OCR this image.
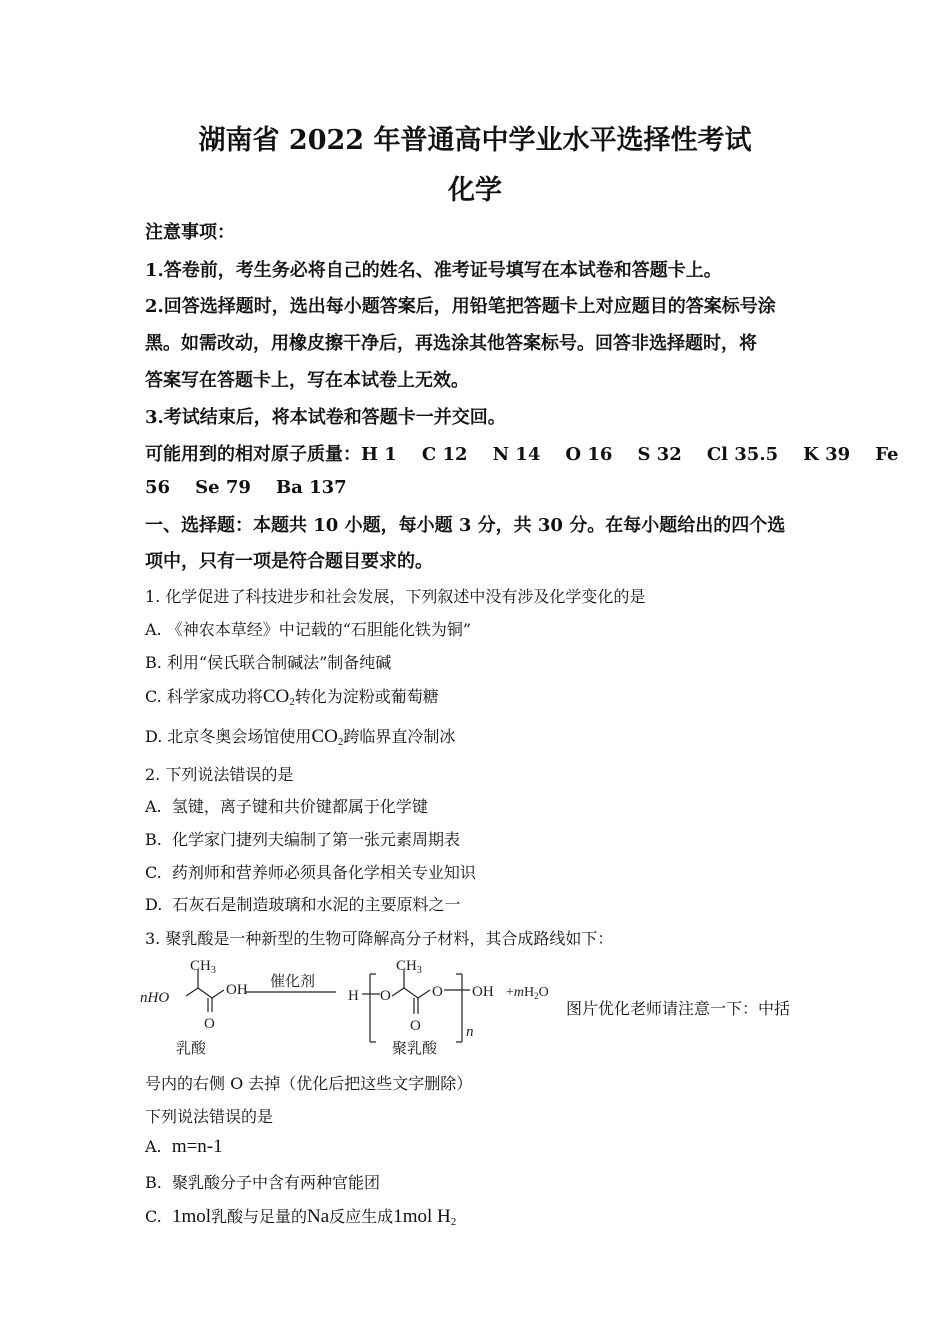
湖南省 2022 年普通高中学业水平选择性考试
化学
注意事项：
1.答卷前，考生务必将自己的姓名、准考证号填写在本试卷和答题卡上。
2.回答选择题时，选出每小题答案后，用铅笔把答题卡上对应题目的答案标号涂
黑。如需改动，用橡皮擦干净后，再选涂其他答案标号。回答非选择题时，将
答案写在答题卡上，写在本试卷上无效。
3.考试结束后，将本试卷和答题卡一并交回。
可能用到的相对原子质量：H 1    C 12    N 14    O 16    S 32    Cl 35.5    K 39    Fe
56    Se 79    Ba 137
一、选择题：本题共 10 小题，每小题 3 分，共 30 分。在每小题给出的四个选
项中，只有一项是符合题目要求的。
1. 化学促进了科技进步和社会发展，下列叙述中没有涉及化学变化的是
A. 《神农本草经》中记载的“石胆能化铁为铜”
B. 利用“侯氏联合制碱法”制备纯碱
C. 科学家成功将$CO_2$转化为淀粉或葡萄糖
D. 北京冬奥会场馆使用$CO_2$跨临界直冷制冰
2. 下列说法错误的是
A.  氢键，离子键和共价键都属于化学键
B.  化学家门捷列夫编制了第一张元素周期表
C.  药剂师和营养师必须具备化学相关专业知识
D.  石灰石是制造玻璃和水泥的主要原料之一
3. 聚乳酸是一种新型的生物可降解高分子材料，其合成路线如下：
$CH_3$
nHO	OH
O
乳酸
催化剂
H O
$CH_3$
O
O
OH
n
$+mH_2O$
聚乳酸
图片优化老师请注意一下：中括
号内的右侧 O 去掉（优化后把这些文字删除）
下列说法错误的是
A. m=n-1
B.  聚乳酸分子中含有两种官能团
C. 1mol乳酸与足量的Na反应生成1mol $H_2$
